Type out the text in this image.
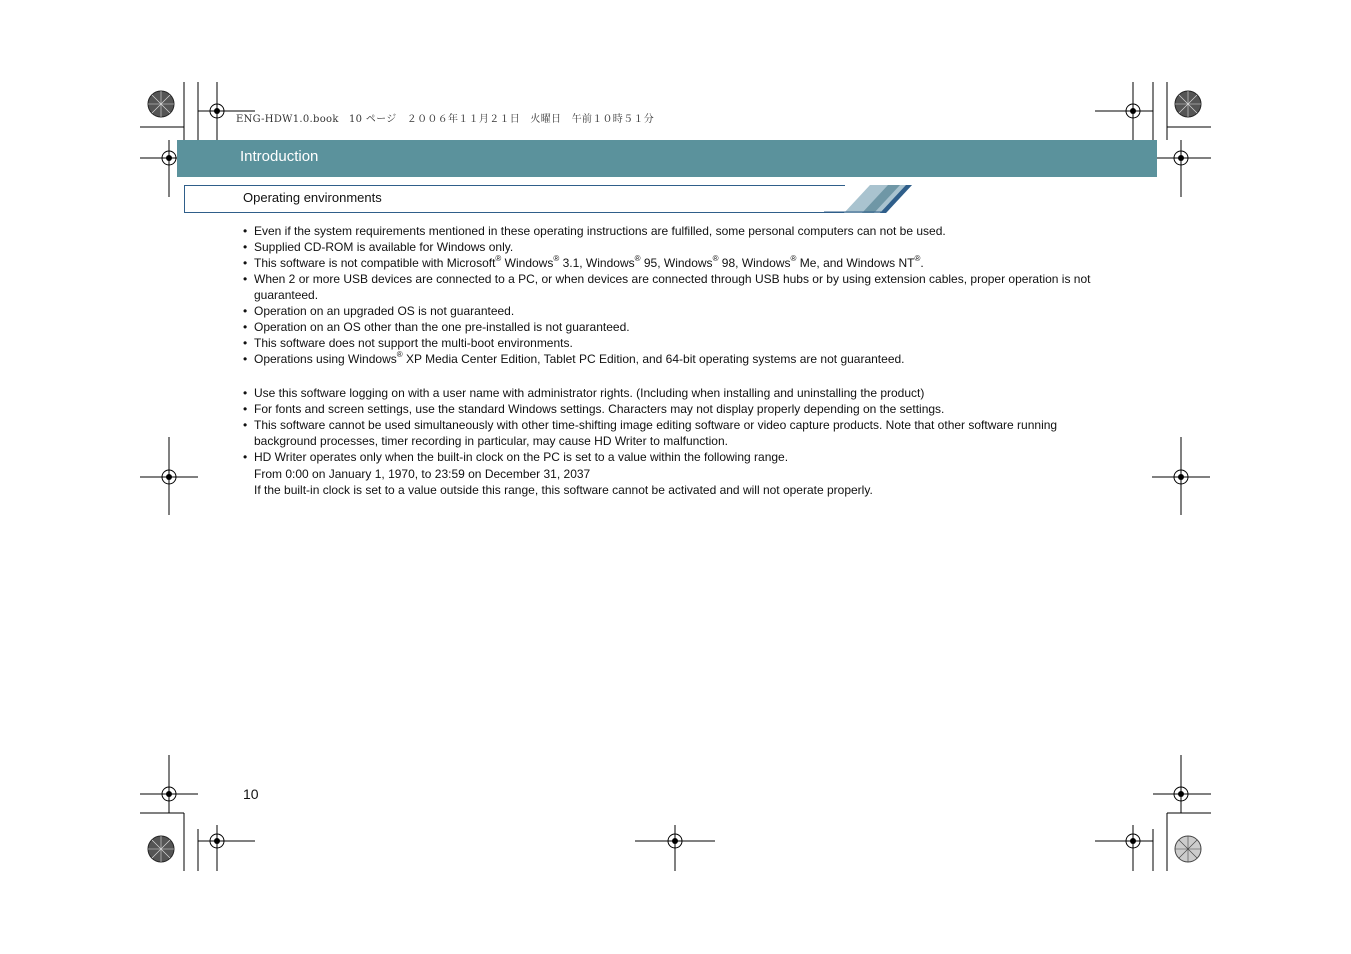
ENG-HDW1.0.book　10 ページ　２００６年１１月２１日　火曜日　午前１０時５１分
Introduction
Operating environments
• Even if the system requirements mentioned in these operating instructions are fulfilled, some personal computers can not be used.
• Supplied CD-ROM is available for Windows only.
• This software is not compatible with Microsoft® Windows® 3.1, Windows® 95, Windows® 98, Windows® Me, and Windows NT®.
• When 2 or more USB devices are connected to a PC, or when devices are connected through USB hubs or by using extension cables, proper operation is not guaranteed.
• Operation on an upgraded OS is not guaranteed.
• Operation on an OS other than the one pre-installed is not guaranteed.
• This software does not support the multi-boot environments.
• Operations using Windows® XP Media Center Edition, Tablet PC Edition, and 64-bit operating systems are not guaranteed.
• Use this software logging on with a user name with administrator rights. (Including when installing and uninstalling the product)
• For fonts and screen settings, use the standard Windows settings. Characters may not display properly depending on the settings.
• This software cannot be used simultaneously with other time-shifting image editing software or video capture products. Note that other software running background processes, timer recording in particular, may cause HD Writer to malfunction.
• HD Writer operates only when the built-in clock on the PC is set to a value within the following range.
From 0:00 on January 1, 1970, to 23:59 on December 31, 2037
If the built-in clock is set to a value outside this range, this software cannot be activated and will not operate properly.
10
